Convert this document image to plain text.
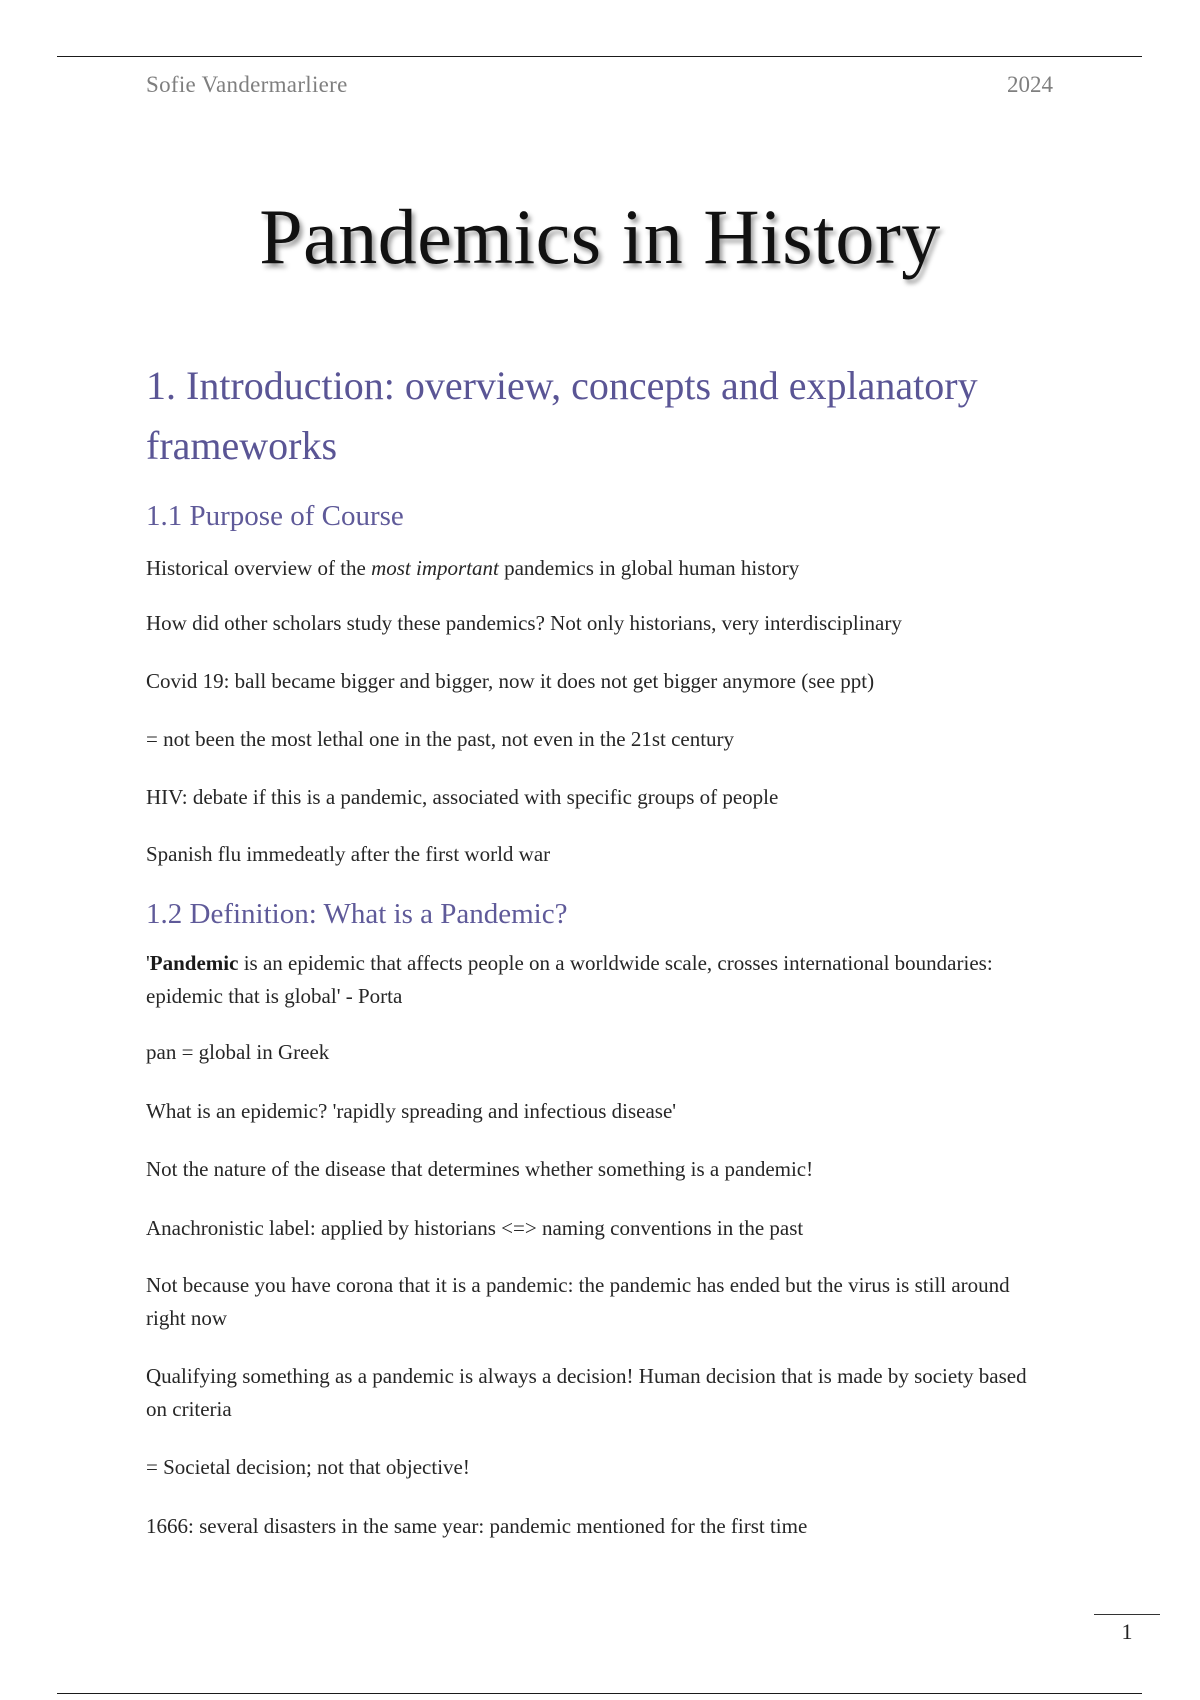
Sofie Vandermarliere	2024
Pandemics in History
1. Introduction: overview, concepts and explanatory frameworks
1.1 Purpose of Course
Historical overview of the most important pandemics in global human history
How did other scholars study these pandemics? Not only historians, very interdisciplinary
Covid 19: ball became bigger and bigger, now it does not get bigger anymore (see ppt)
= not been the most lethal one in the past, not even in the 21st century
HIV: debate if this is a pandemic, associated with specific groups of people
Spanish flu immedeatly after the first world war
1.2 Definition: What is a Pandemic?
'Pandemic is an epidemic that affects people on a worldwide scale, crosses international boundaries: epidemic that is global' - Porta
pan = global in Greek
What is an epidemic? 'rapidly spreading and infectious disease'
Not the nature of the disease that determines whether something is a pandemic!
Anachronistic label: applied by historians <=> naming conventions in the past
Not because you have corona that it is a pandemic: the pandemic has ended but the virus is still around right now
Qualifying something as a pandemic is always a decision! Human decision that is made by society based on criteria
= Societal decision; not that objective!
1666: several disasters in the same year: pandemic mentioned for the first time
1
